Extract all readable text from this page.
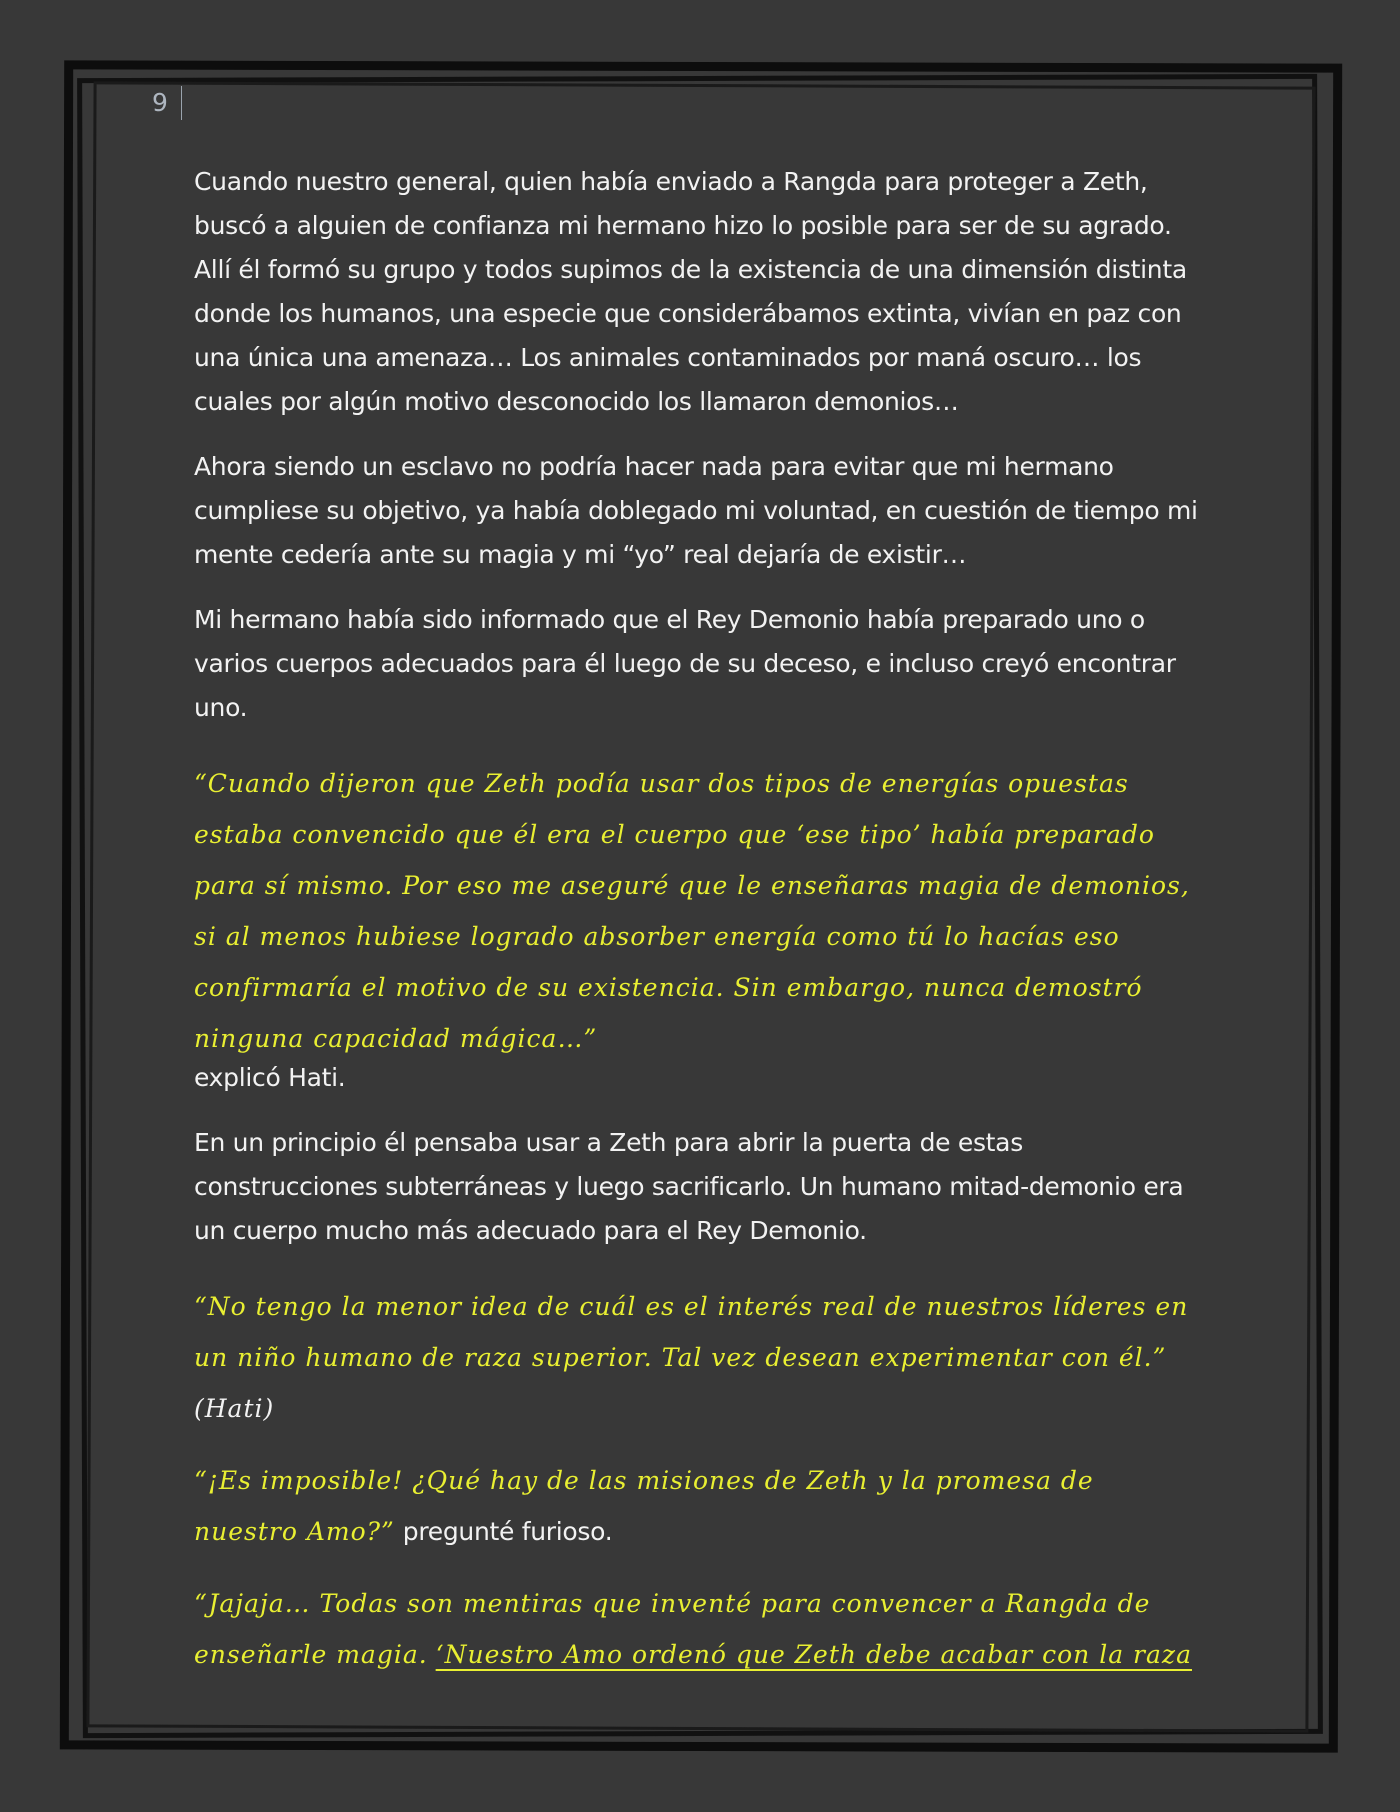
9

Cuando nuestro general, quien había enviado a Rangda para proteger a Zeth, buscó a alguien de confianza mi hermano hizo lo posible para ser de su agrado. Allí él formó su grupo y todos supimos de la existencia de una dimensión distinta donde los humanos, una especie que considerábamos extinta, vivían en paz con una única una amenaza… Los animales contaminados por maná oscuro… los cuales por algún motivo desconocido los llamaron demonios…

Ahora siendo un esclavo no podría hacer nada para evitar que mi hermano cumpliese su objetivo, ya había doblegado mi voluntad, en cuestión de tiempo mi mente cedería ante su magia y mi “yo” real dejaría de existir…

Mi hermano había sido informado que el Rey Demonio había preparado uno o varios cuerpos adecuados para él luego de su deceso, e incluso creyó encontrar uno.

“Cuando dijeron que Zeth podía usar dos tipos de energías opuestas estaba convencido que él era el cuerpo que ‘ese tipo’ había preparado para sí mismo. Por eso me aseguré que le enseñaras magia de demonios, si al menos hubiese logrado absorber energía como tú lo hacías eso confirmaría el motivo de su existencia. Sin embargo, nunca demostró ninguna capacidad mágica…”

explicó Hati.

En un principio él pensaba usar a Zeth para abrir la puerta de estas construcciones subterráneas y luego sacrificarlo. Un humano mitad-demonio era un cuerpo mucho más adecuado para el Rey Demonio.

“No tengo la menor idea de cuál es el interés real de nuestros líderes en un niño humano de raza superior. Tal vez desean experimentar con él.” (Hati)

“¡Es imposible! ¿Qué hay de las misiones de Zeth y la promesa de nuestro Amo?” pregunté furioso.

“Jajaja… Todas son mentiras que inventé para convencer a Rangda de enseñarle magia. ‘Nuestro Amo ordenó que Zeth debe acabar con la raza
